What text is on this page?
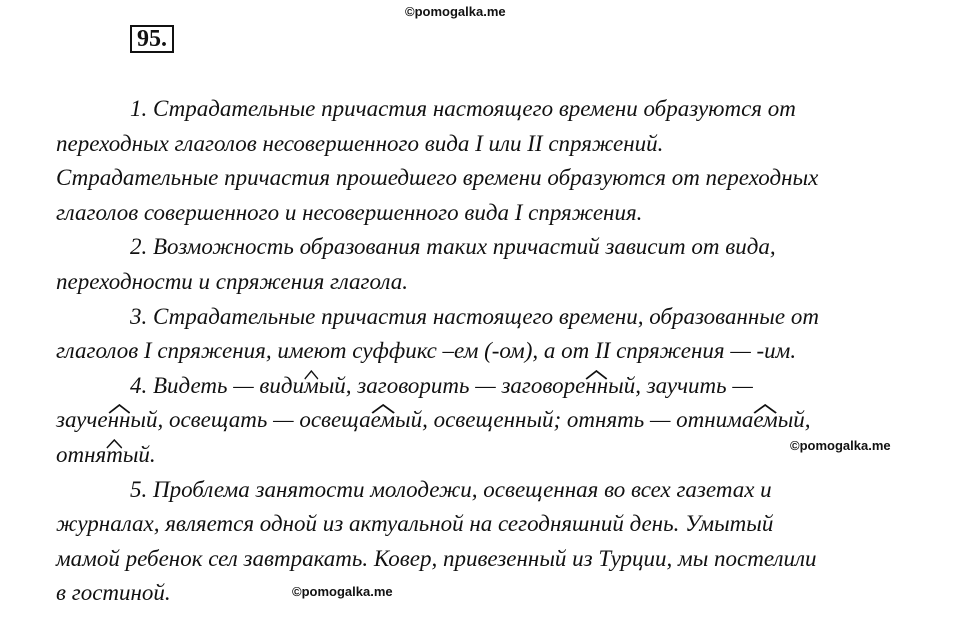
©pomogalka.me
95.
1. Страдательные причастия настоящего времени образуются от
переходных глаголов несовершенного вида I или II спряжений.
Страдательные причастия прошедшего времени образуются от переходных
глаголов совершенного и несовершенного вида I спряжения.
2. Возможность образования таких причастий зависит от вида,
переходности и спряжения глагола.
3. Страдательные причастия настоящего времени, образованные от
глаголов I спряжения, имеют суффикс –ем (-ом), а от II спряжения — -им.
4. Видеть — види
мый, заговорить — заговоре
нный, заучить —
зауче
нный, освещать — освеща
емый, освещенный; отнять — отнима
емый,
отня
тый.
5. Проблема занятости молодежи, освещенная во всех газетах и
журналах, является одной из актуальной на сегодняшний день. Умытый
мамой ребенок сел завтракать. Ковер, привезенный из Турции, мы постелили
в гостиной.
©pomogalka.me
©pomogalka.me
